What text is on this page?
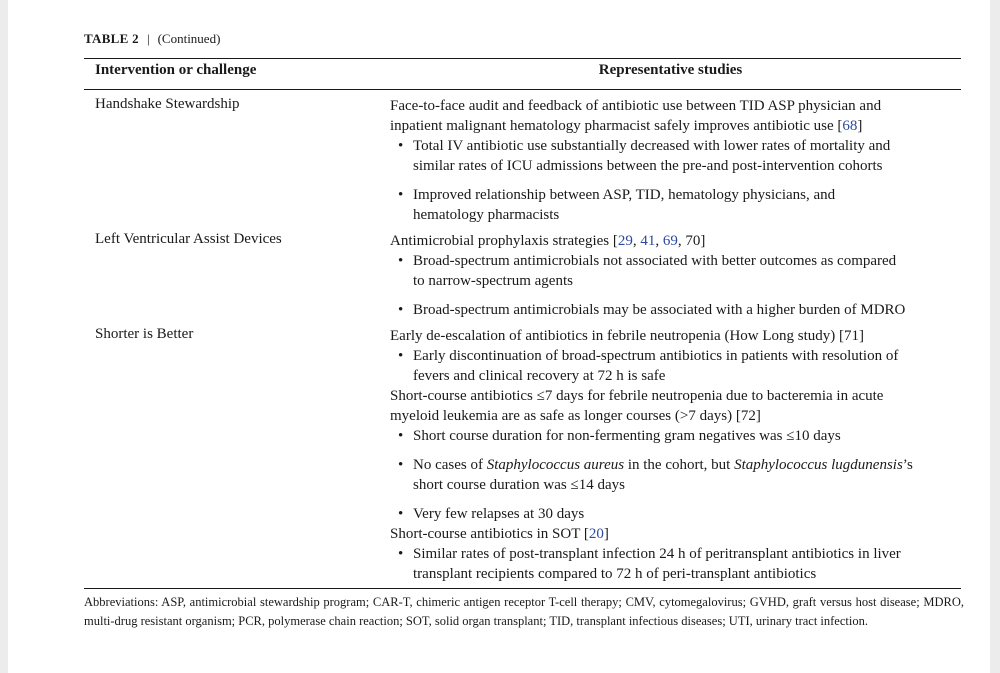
TABLE 2 | (Continued)
Intervention or challenge	Representative studies
Handshake Stewardship	Face-to-face audit and feedback of antibiotic use between TID ASP physician and
inpatient malignant hematology pharmacist safely improves antibiotic use [68]
• Total IV antibiotic use substantially decreased with lower rates of mortality and
similar rates of ICU admissions between the pre-and post-intervention cohorts
• Improved relationship between ASP, TID, hematology physicians, and
hematology pharmacists
Left Ventricular Assist Devices	Antimicrobial prophylaxis strategies [29, 41, 69, 70]
• Broad-spectrum antimicrobials not associated with better outcomes as compared
to narrow-spectrum agents
• Broad-spectrum antimicrobials may be associated with a higher burden of MDRO
Shorter is Better	Early de-escalation of antibiotics in febrile neutropenia (How Long study) [71]
• Early discontinuation of broad-spectrum antibiotics in patients with resolution of
fevers and clinical recovery at 72 h is safe
Short-course antibiotics ≤7 days for febrile neutropenia due to bacteremia in acute
myeloid leukemia are as safe as longer courses (>7 days) [72]
• Short course duration for non-fermenting gram negatives was ≤10 days
• No cases of Staphylococcus aureus in the cohort, but Staphylococcus lugdunensis’s
short course duration was ≤14 days
• Very few relapses at 30 days
Short-course antibiotics in SOT [20]
• Similar rates of post-transplant infection 24 h of peritransplant antibiotics in liver
transplant recipients compared to 72 h of peri-transplant antibiotics
Abbreviations: ASP, antimicrobial stewardship program; CAR-T, chimeric antigen receptor T-cell therapy; CMV, cytomegalovirus; GVHD, graft versus host disease; MDRO, multi-drug resistant organism; PCR, polymerase chain reaction; SOT, solid organ transplant; TID, transplant infectious diseases; UTI, urinary tract infection.
